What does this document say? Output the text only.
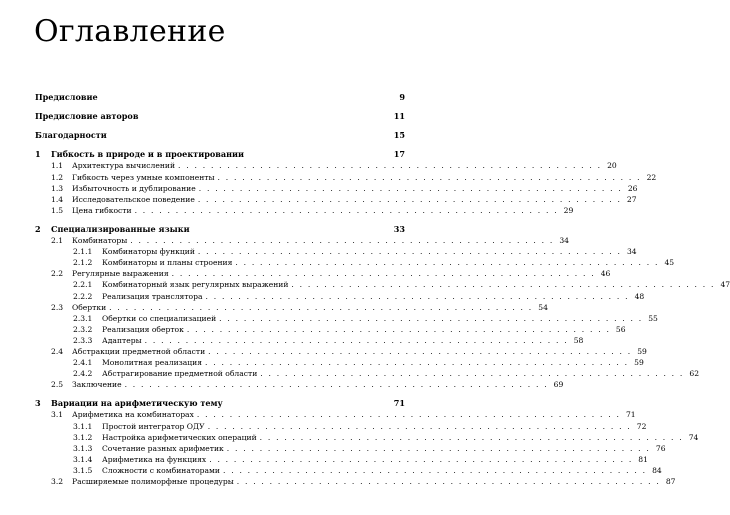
Оглавление
Предисловие	9
Предисловие авторов	11
Благодарности	15
1	Гибкость в природе и в проектировании	17
1.1	Архитектура вычислений . . . . . . . . . . . . . . . . . . . . . . . . . . . . . . . . . . . . . . . . . . . . . . . . . . . . 20
1.2	Гибкость через умные компоненты . . . . . . . . . . . . . . . . . . . . . . . . . . . . . . . . . . . . . . . . . . . . . . . . . . . . 22
1.3	Избыточность и дублирование . . . . . . . . . . . . . . . . . . . . . . . . . . . . . . . . . . . . . . . . . . . . . . . . . . . . 26
1.4	Исследовательское поведение . . . . . . . . . . . . . . . . . . . . . . . . . . . . . . . . . . . . . . . . . . . . . . . . . . . . 27
1.5	Цена гибкости . . . . . . . . . . . . . . . . . . . . . . . . . . . . . . . . . . . . . . . . . . . . . . . . . . . . 29
2	Специализированные языки	33
2.1	Комбинаторы . . . . . . . . . . . . . . . . . . . . . . . . . . . . . . . . . . . . . . . . . . . . . . . . . . . . 34
2.1.1	Комбинаторы функций . . . . . . . . . . . . . . . . . . . . . . . . . . . . . . . . . . . . . . . . . . . . . . . . . . . . 34
2.1.2	Комбинаторы и планы строения . . . . . . . . . . . . . . . . . . . . . . . . . . . . . . . . . . . . . . . . . . . . . . . . . . . . 45
2.2	Регулярные выражения . . . . . . . . . . . . . . . . . . . . . . . . . . . . . . . . . . . . . . . . . . . . . . . . . . . . 46
2.2.1	Комбинаторный язык регулярных выражений . . . . . . . . . . . . . . . . . . . . . . . . . . . . . . . . . . . . . . . . . . . . . . . . . . . . 47
2.2.2	Реализация транслятора . . . . . . . . . . . . . . . . . . . . . . . . . . . . . . . . . . . . . . . . . . . . . . . . . . . . 48
2.3	Обертки . . . . . . . . . . . . . . . . . . . . . . . . . . . . . . . . . . . . . . . . . . . . . . . . . . . . 54
2.3.1	Обертки со специализацией . . . . . . . . . . . . . . . . . . . . . . . . . . . . . . . . . . . . . . . . . . . . . . . . . . . . 55
2.3.2	Реализация оберток . . . . . . . . . . . . . . . . . . . . . . . . . . . . . . . . . . . . . . . . . . . . . . . . . . . . 56
2.3.3	Адаптеры . . . . . . . . . . . . . . . . . . . . . . . . . . . . . . . . . . . . . . . . . . . . . . . . . . . . 58
2.4	Абстракции предметной области . . . . . . . . . . . . . . . . . . . . . . . . . . . . . . . . . . . . . . . . . . . . . . . . . . . . 59
2.4.1	Монолитная реализация . . . . . . . . . . . . . . . . . . . . . . . . . . . . . . . . . . . . . . . . . . . . . . . . . . . . 59
2.4.2	Абстрагирование предметной области . . . . . . . . . . . . . . . . . . . . . . . . . . . . . . . . . . . . . . . . . . . . . . . . . . . . 62
2.5	Заключение . . . . . . . . . . . . . . . . . . . . . . . . . . . . . . . . . . . . . . . . . . . . . . . . . . . . 69
3	Вариации на арифметическую тему	71
3.1	Арифметика на комбинаторах . . . . . . . . . . . . . . . . . . . . . . . . . . . . . . . . . . . . . . . . . . . . . . . . . . . . 71
3.1.1	Простой интегратор ОДУ . . . . . . . . . . . . . . . . . . . . . . . . . . . . . . . . . . . . . . . . . . . . . . . . . . . . 72
3.1.2	Настройка арифметических операций . . . . . . . . . . . . . . . . . . . . . . . . . . . . . . . . . . . . . . . . . . . . . . . . . . . . 74
3.1.3	Сочетание разных арифметик . . . . . . . . . . . . . . . . . . . . . . . . . . . . . . . . . . . . . . . . . . . . . . . . . . . . 76
3.1.4	Арифметика на функциях . . . . . . . . . . . . . . . . . . . . . . . . . . . . . . . . . . . . . . . . . . . . . . . . . . . . 81
3.1.5	Сложности с комбинаторами . . . . . . . . . . . . . . . . . . . . . . . . . . . . . . . . . . . . . . . . . . . . . . . . . . . . 84
3.2	Расширяемые полиморфные процедуры . . . . . . . . . . . . . . . . . . . . . . . . . . . . . . . . . . . . . . . . . . . . . . . . . . . . 87
